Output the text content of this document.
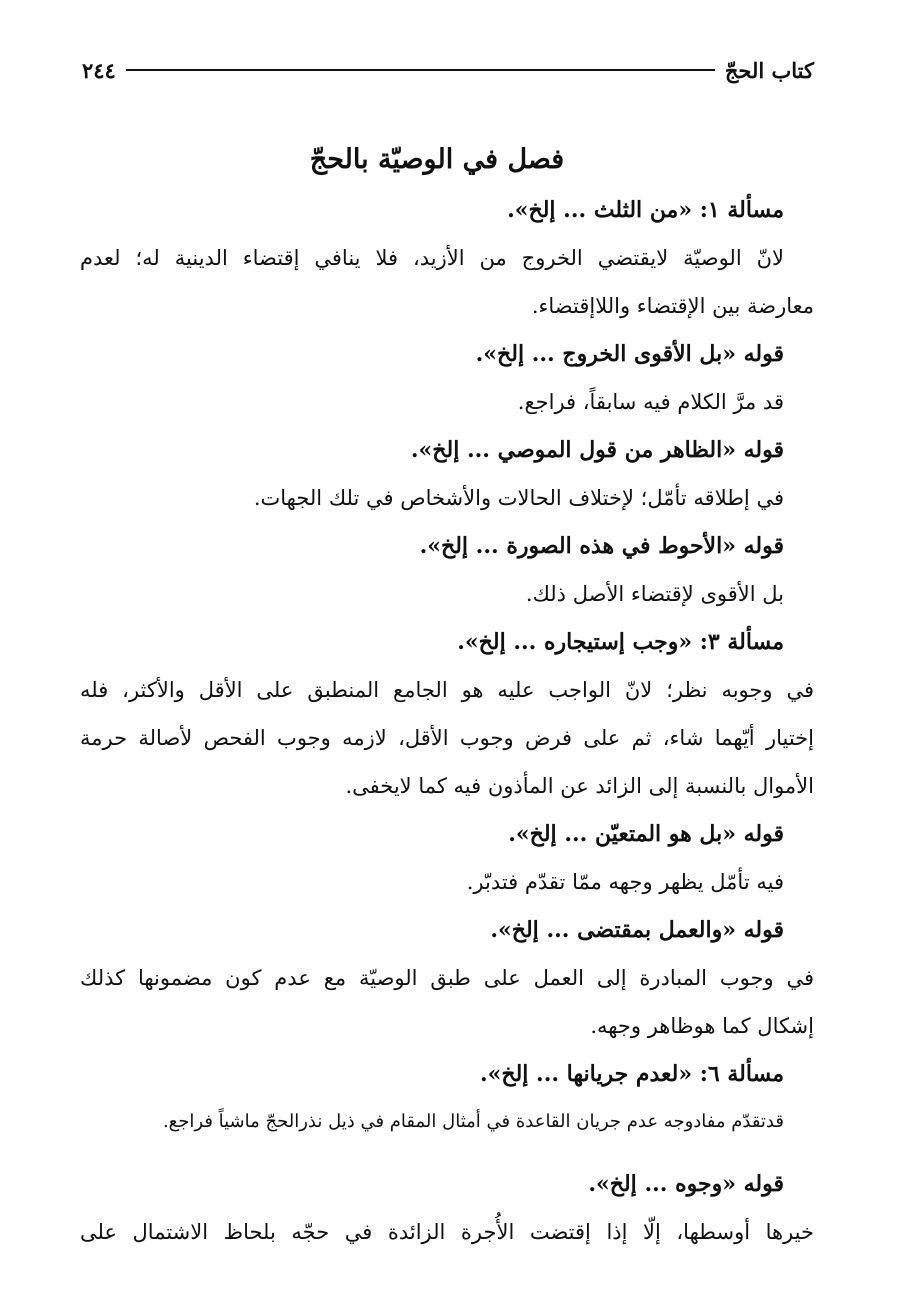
كتاب الحجّ
٢٤٤
فصل في الوصيّة بالحجّ
مسألة ١: «من الثلث ... إلخ».
لانّ الوصيّة لايقتضي الخروج من الأزيد، فلا ينافي إقتضاء الدينية له؛ لعدم
معارضة بين الإقتضاء واللاإقتضاء.
قوله «بل الأقوى الخروج ... إلخ».
قد مرَّ الكلام فيه سابقاً، فراجع.
قوله «الظاهر من قول الموصي ... إلخ».
في إطلاقه تأمّل؛ لإختلاف الحالات والأشخاص في تلك الجهات.
قوله «الأحوط في هذه الصورة ... إلخ».
بل الأقوى لإقتضاء الأصل ذلك.
مسألة ٣: «وجب إستيجاره ... إلخ».
في وجوبه نظر؛ لانّ الواجب عليه هو الجامع المنطبق على الأقل والأكثر، فله
إختيار أيّهما شاء، ثم على فرض وجوب الأقل، لازمه وجوب الفحص لأصالة حرمة
الأموال بالنسبة إلى الزائد عن المأذون فيه كما لايخفى.
قوله «بل هو المتعيّن ... إلخ».
فيه تأمّل يظهر وجهه ممّا تقدّم فتدبّر.
قوله «والعمل بمقتضى ... إلخ».
في وجوب المبادرة إلى العمل على طبق الوصيّة مع عدم كون مضمونها كذلك
إشكال كما هوظاهر وجهه.
مسألة ٦: «لعدم جريانها ... إلخ».
قدتقدّم مفادوجه عدم جريان القاعدة في أمثال المقام في ذيل نذرالحجّ ماشياً فراجع.
قوله «وجوه ... إلخ».
خيرها أوسطها، إلّا إذا إقتضت الأُجرة الزائدة في حجّه بلحاظ الاشتمال على
